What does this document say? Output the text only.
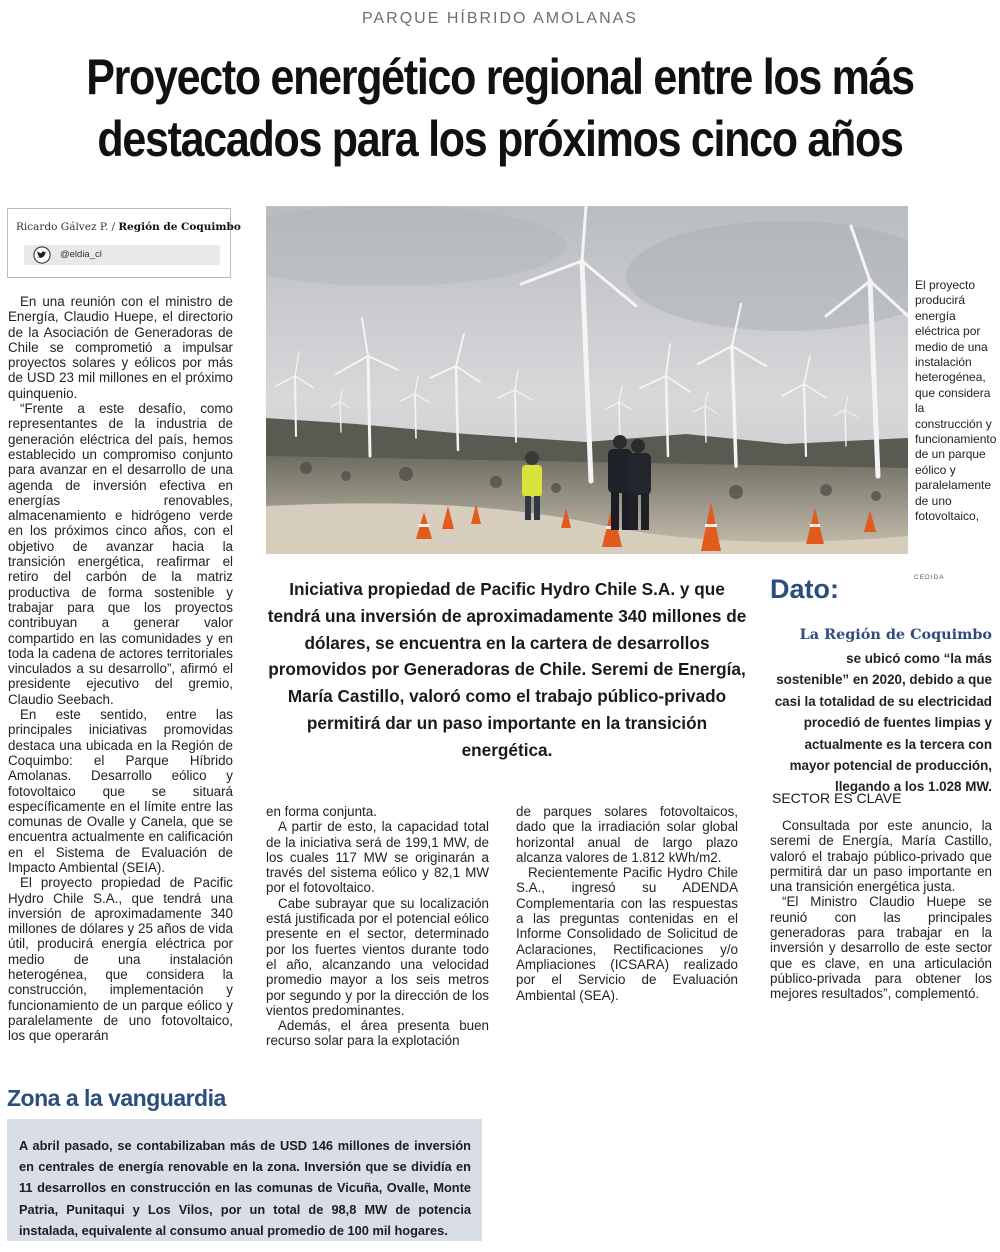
PARQUE HÍBRIDO AMOLANAS
Proyecto energético regional entre los más
destacados para los próximos cinco años
Ricardo Gálvez P. / Región de Coquimbo
@eldia_cl

En una reunión con el ministro de Energía, Claudio Huepe, el directorio de la Asociación de Generadoras de Chile se comprometió a impulsar proyectos solares y eólicos por más de USD 23 mil millones en el próximo quinquenio.

“Frente a este desafío, como representantes de la industria de generación eléctrica del país, hemos establecido un compromiso conjunto para avanzar en el desarrollo de una agenda de inversión efectiva en energías renovables, almacenamiento e hidrógeno verde en los próximos cinco años, con el objetivo de avanzar hacia la transición energética, reafirmar el retiro del carbón de la matriz productiva de forma sostenible y trabajar para que los proyectos contribuyan a generar valor compartido en las comunidades y en toda la cadena de actores territoriales vinculados a su desarrollo”, afirmó el presidente ejecutivo del gremio, Claudio Seebach.

En este sentido, entre las principales iniciativas promovidas destaca una ubicada en la Región de Coquimbo: el Parque Híbrido Amolanas. Desarrollo eólico y fotovoltaico que se situará específicamente en el límite entre las comunas de Ovalle y Canela, que se encuentra actualmente en calificación en el Sistema de Evaluación de Impacto Ambiental (SEIA).

El proyecto propiedad de Pacific Hydro Chile S.A., que tendrá una inversión de aproximadamente 340 millones de dólares y 25 años de vida útil, producirá energía eléctrica por medio de una instalación heterogénea, que considera la construcción, implementación y funcionamiento de un parque eólico y paralelamente de uno fotovoltaico, los que operarán

El proyecto producirá energía eléctrica por medio de una instalación heterogénea, que considera la construcción y funcionamiento de un parque eólico y paralelamente de uno fotovoltaico,
CEDIDA
Iniciativa propiedad de Pacific Hydro Chile S.A. y que tendrá una inversión de aproximadamente 340 millones de dólares, se encuentra en la cartera de desarrollos promovidos por Generadoras de Chile. Seremi de Energía, María Castillo, valoró como el trabajo público-privado permitirá dar un paso importante en la transición energética.
Dato:
La Región de Coquimbo
se ubicó como “la más sostenible” en 2020, debido a que casi la totalidad de su electricidad procedió de fuentes limpias y actualmente es la tercera con mayor potencial de producción, llegando a los 1.028 MW.

en forma conjunta.

A partir de esto, la capacidad total de la iniciativa será de 199,1 MW, de los cuales 117 MW se originarán a través del sistema eólico y 82,1 MW por el fotovoltaico.

Cabe subrayar que su localización está justificada por el potencial eólico presente en el sector, determinado por los fuertes vientos durante todo el año, alcanzando una velocidad promedio mayor a los seis metros por segundo y por la dirección de los vientos predominantes.

Además, el área presenta buen recurso solar para la explotación

de parques solares fotovoltaicos, dado que la irradiación solar global horizontal anual de largo plazo alcanza valores de 1.812 kWh/m2.

Recientemente Pacific Hydro Chile S.A., ingresó su ADENDA Complementaria con las respuestas a las preguntas contenidas en el Informe Consolidado de Solicitud de Aclaraciones, Rectificaciones y/o Ampliaciones (ICSARA) realizado por el Servicio de Evaluación Ambiental (SEA).

SECTOR ES CLAVE

Consultada por este anuncio, la seremi de Energía, María Castillo, valoró el trabajo público-privado que permitirá dar un paso importante en una transición energética justa.

“El Ministro Claudio Huepe se reunió con las principales generadoras para trabajar en la inversión y desarrollo de este sector que es clave, en una articulación público-privada para obtener los mejores resultados”, complementó.

Zona a la vanguardia
A abril pasado, se contabilizaban más de USD 146 millones de inversión en centrales de energía renovable en la zona. Inversión que se dividía en 11 desarrollos en construcción en las comunas de Vicuña, Ovalle, Monte Patria, Punitaqui y Los Vilos, por un total de 98,8 MW de potencia instalada, equivalente al consumo anual promedio de 100 mil hogares.
